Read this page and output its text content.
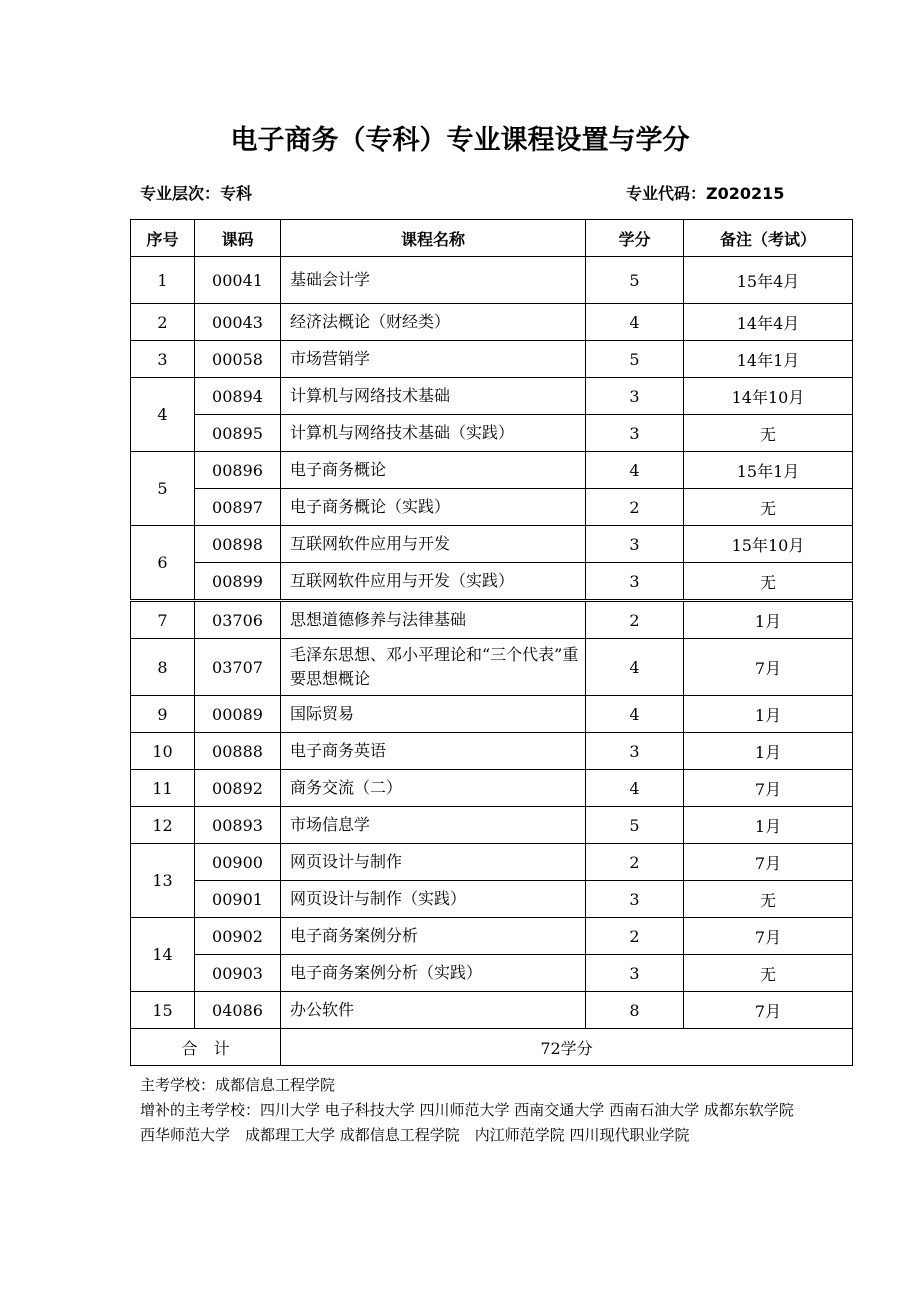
电子商务（专科）专业课程设置与学分
专业层次：专科	专业代码：Z020215
序号	课码	课程名称	学分	备注（考试）
1	00041	基础会计学	5	15年4月
2	00043	经济法概论（财经类）	4	14年4月
3	00058	市场营销学	5	14年1月
4	00894	计算机与网络技术基础	3	14年10月
	00895	计算机与网络技术基础（实践）	3	无
5	00896	电子商务概论	4	15年1月
	00897	电子商务概论（实践）	2	无
6	00898	互联网软件应用与开发	3	15年10月
	00899	互联网软件应用与开发（实践）	3	无
7	03706	思想道德修养与法律基础	2	1月
8	03707	毛泽东思想、邓小平理论和“三个代表”重要思想概论	4	7月
9	00089	国际贸易	4	1月
10	00888	电子商务英语	3	1月
11	00892	商务交流（二）	4	7月
12	00893	市场信息学	5	1月
13	00900	网页设计与制作	2	7月
	00901	网页设计与制作（实践）	3	无
14	00902	电子商务案例分析	2	7月
	00903	电子商务案例分析（实践）	3	无
15	04086	办公软件	8	7月
合　计		72学分		
主考学校：成都信息工程学院
增补的主考学校：四川大学 电子科技大学 四川师范大学 西南交通大学 西南石油大学 成都东软学院 西华师范大学　成都理工大学 成都信息工程学院　内江师范学院 四川现代职业学院
